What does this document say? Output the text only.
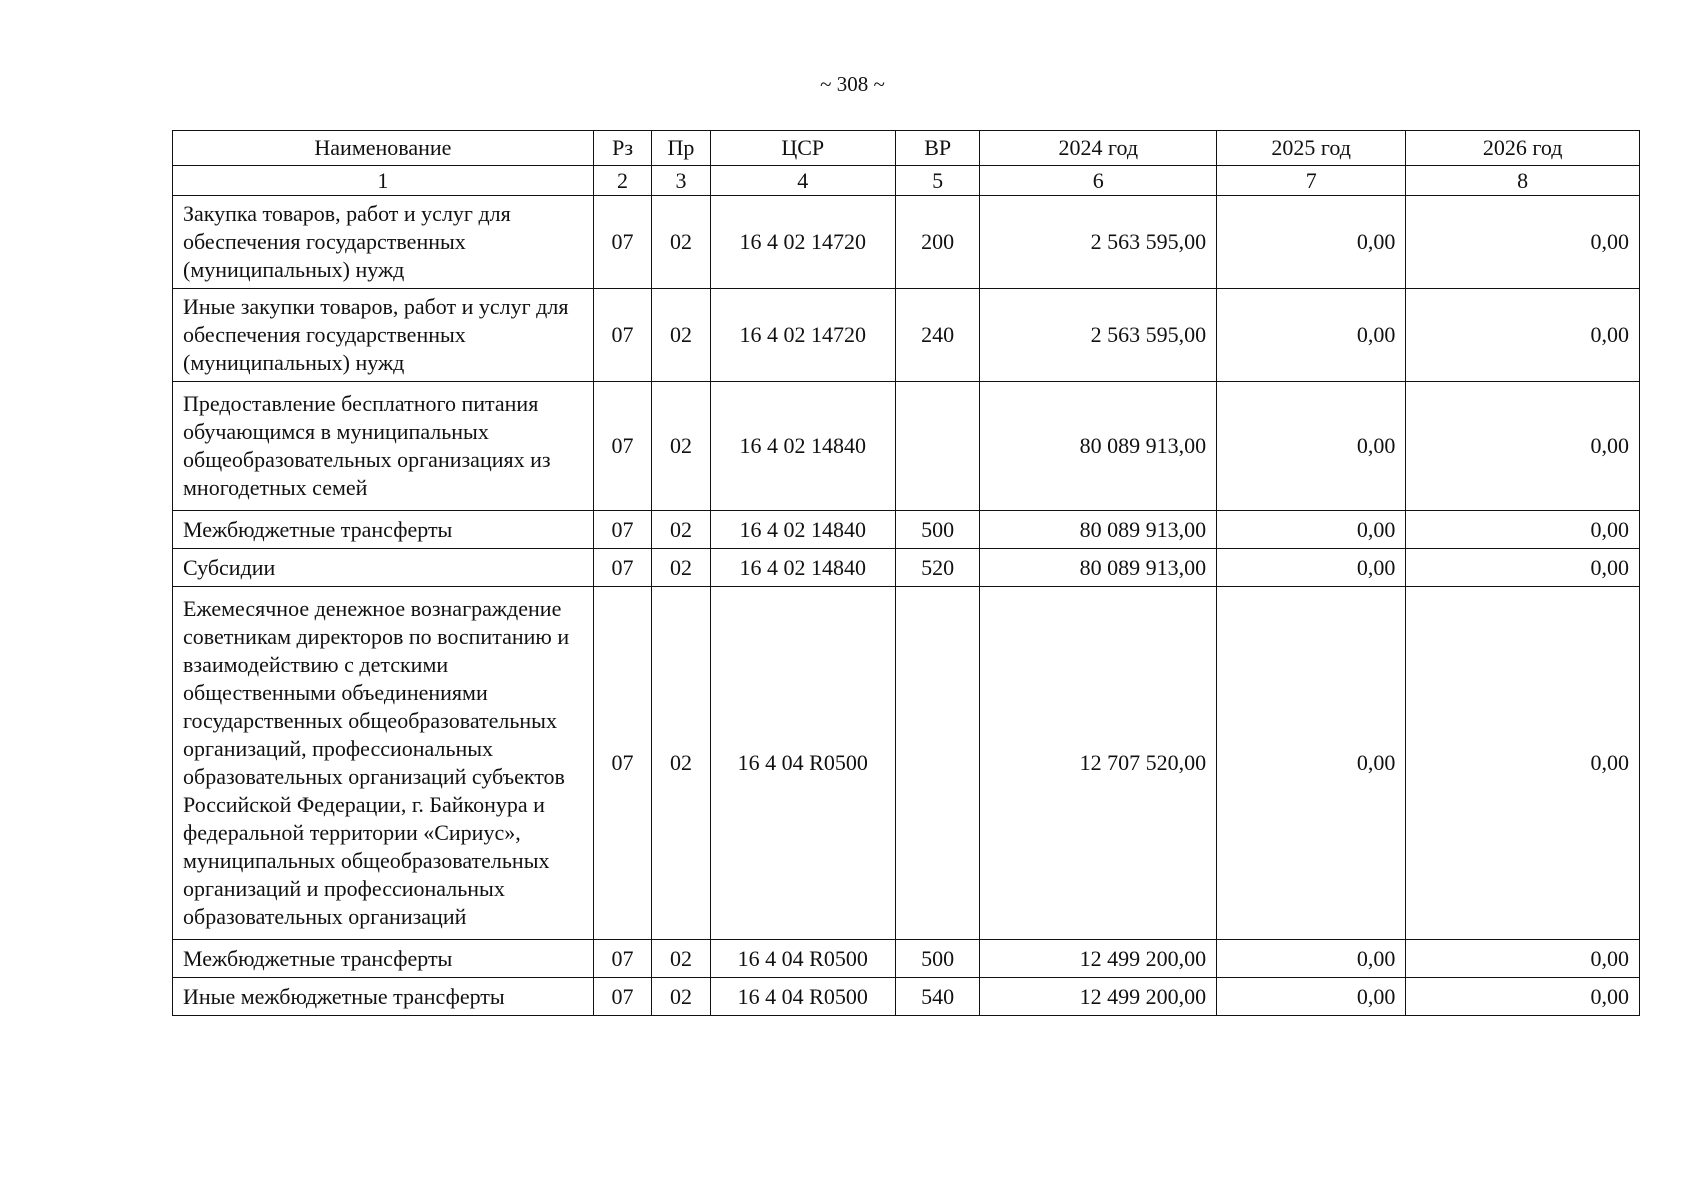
~ 308 ~
Наименование	Рз	Пр	ЦСР	ВР	2024 год	2025 год	2026 год
1	2	3	4	5	6	7	8
Закупка товаров, работ и услуг для обеспечения государственных (муниципальных) нужд	07	02	16 4 02 14720	200	2 563 595,00	0,00	0,00
Иные закупки товаров, работ и услуг для обеспечения государственных (муниципальных) нужд	07	02	16 4 02 14720	240	2 563 595,00	0,00	0,00
Предоставление бесплатного питания обучающимся в муниципальных общеобразовательных организациях из многодетных семей	07	02	16 4 02 14840		80 089 913,00	0,00	0,00
Межбюджетные трансферты	07	02	16 4 02 14840	500	80 089 913,00	0,00	0,00
Субсидии	07	02	16 4 02 14840	520	80 089 913,00	0,00	0,00
Ежемесячное денежное вознаграждение советникам директоров по воспитанию и взаимодействию с детскими общественными объединениями государственных общеобразовательных организаций, профессиональных образовательных организаций субъектов Российской Федерации, г. Байконура и федеральной территории «Сириус», муниципальных общеобразовательных организаций и профессиональных образовательных организаций	07	02	16 4 04 R0500		12 707 520,00	0,00	0,00
Межбюджетные трансферты	07	02	16 4 04 R0500	500	12 499 200,00	0,00	0,00
Иные межбюджетные трансферты	07	02	16 4 04 R0500	540	12 499 200,00	0,00	0,00
